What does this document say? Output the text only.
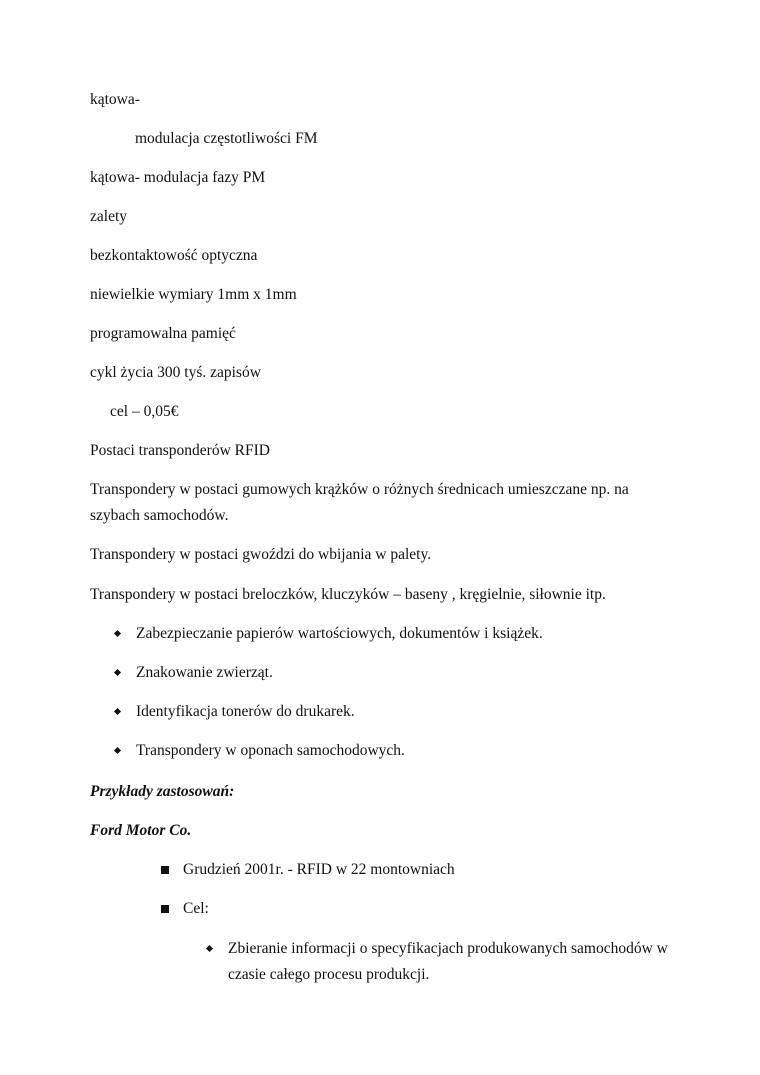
kątowa-
modulacja częstotliwości FM
kątowa- modulacja fazy PM
zalety
bezkontaktowość optyczna
niewielkie wymiary 1mm x 1mm
programowalna pamięć
cykl życia 300 tyś. zapisów
cel – 0,05€
Postaci transponderów RFID
Transpondery w postaci gumowych krążków o różnych średnicach umieszczane np. na szybach samochodów.
Transpondery w postaci gwoździ do wbijania w palety.
Transpondery w postaci breloczków, kluczyków – baseny , kręgielnie, siłownie itp.
Zabezpieczanie papierów wartościowych, dokumentów i książek.
Znakowanie zwierząt.
Identyfikacja tonerów do drukarek.
Transpondery w oponach samochodowych.
Przykłady zastosowań:
Ford Motor Co.
Grudzień 2001r. - RFID w 22 montowniach
Cel:
Zbieranie informacji o specyfikacjach produkowanych samochodów w czasie całego procesu produkcji.
